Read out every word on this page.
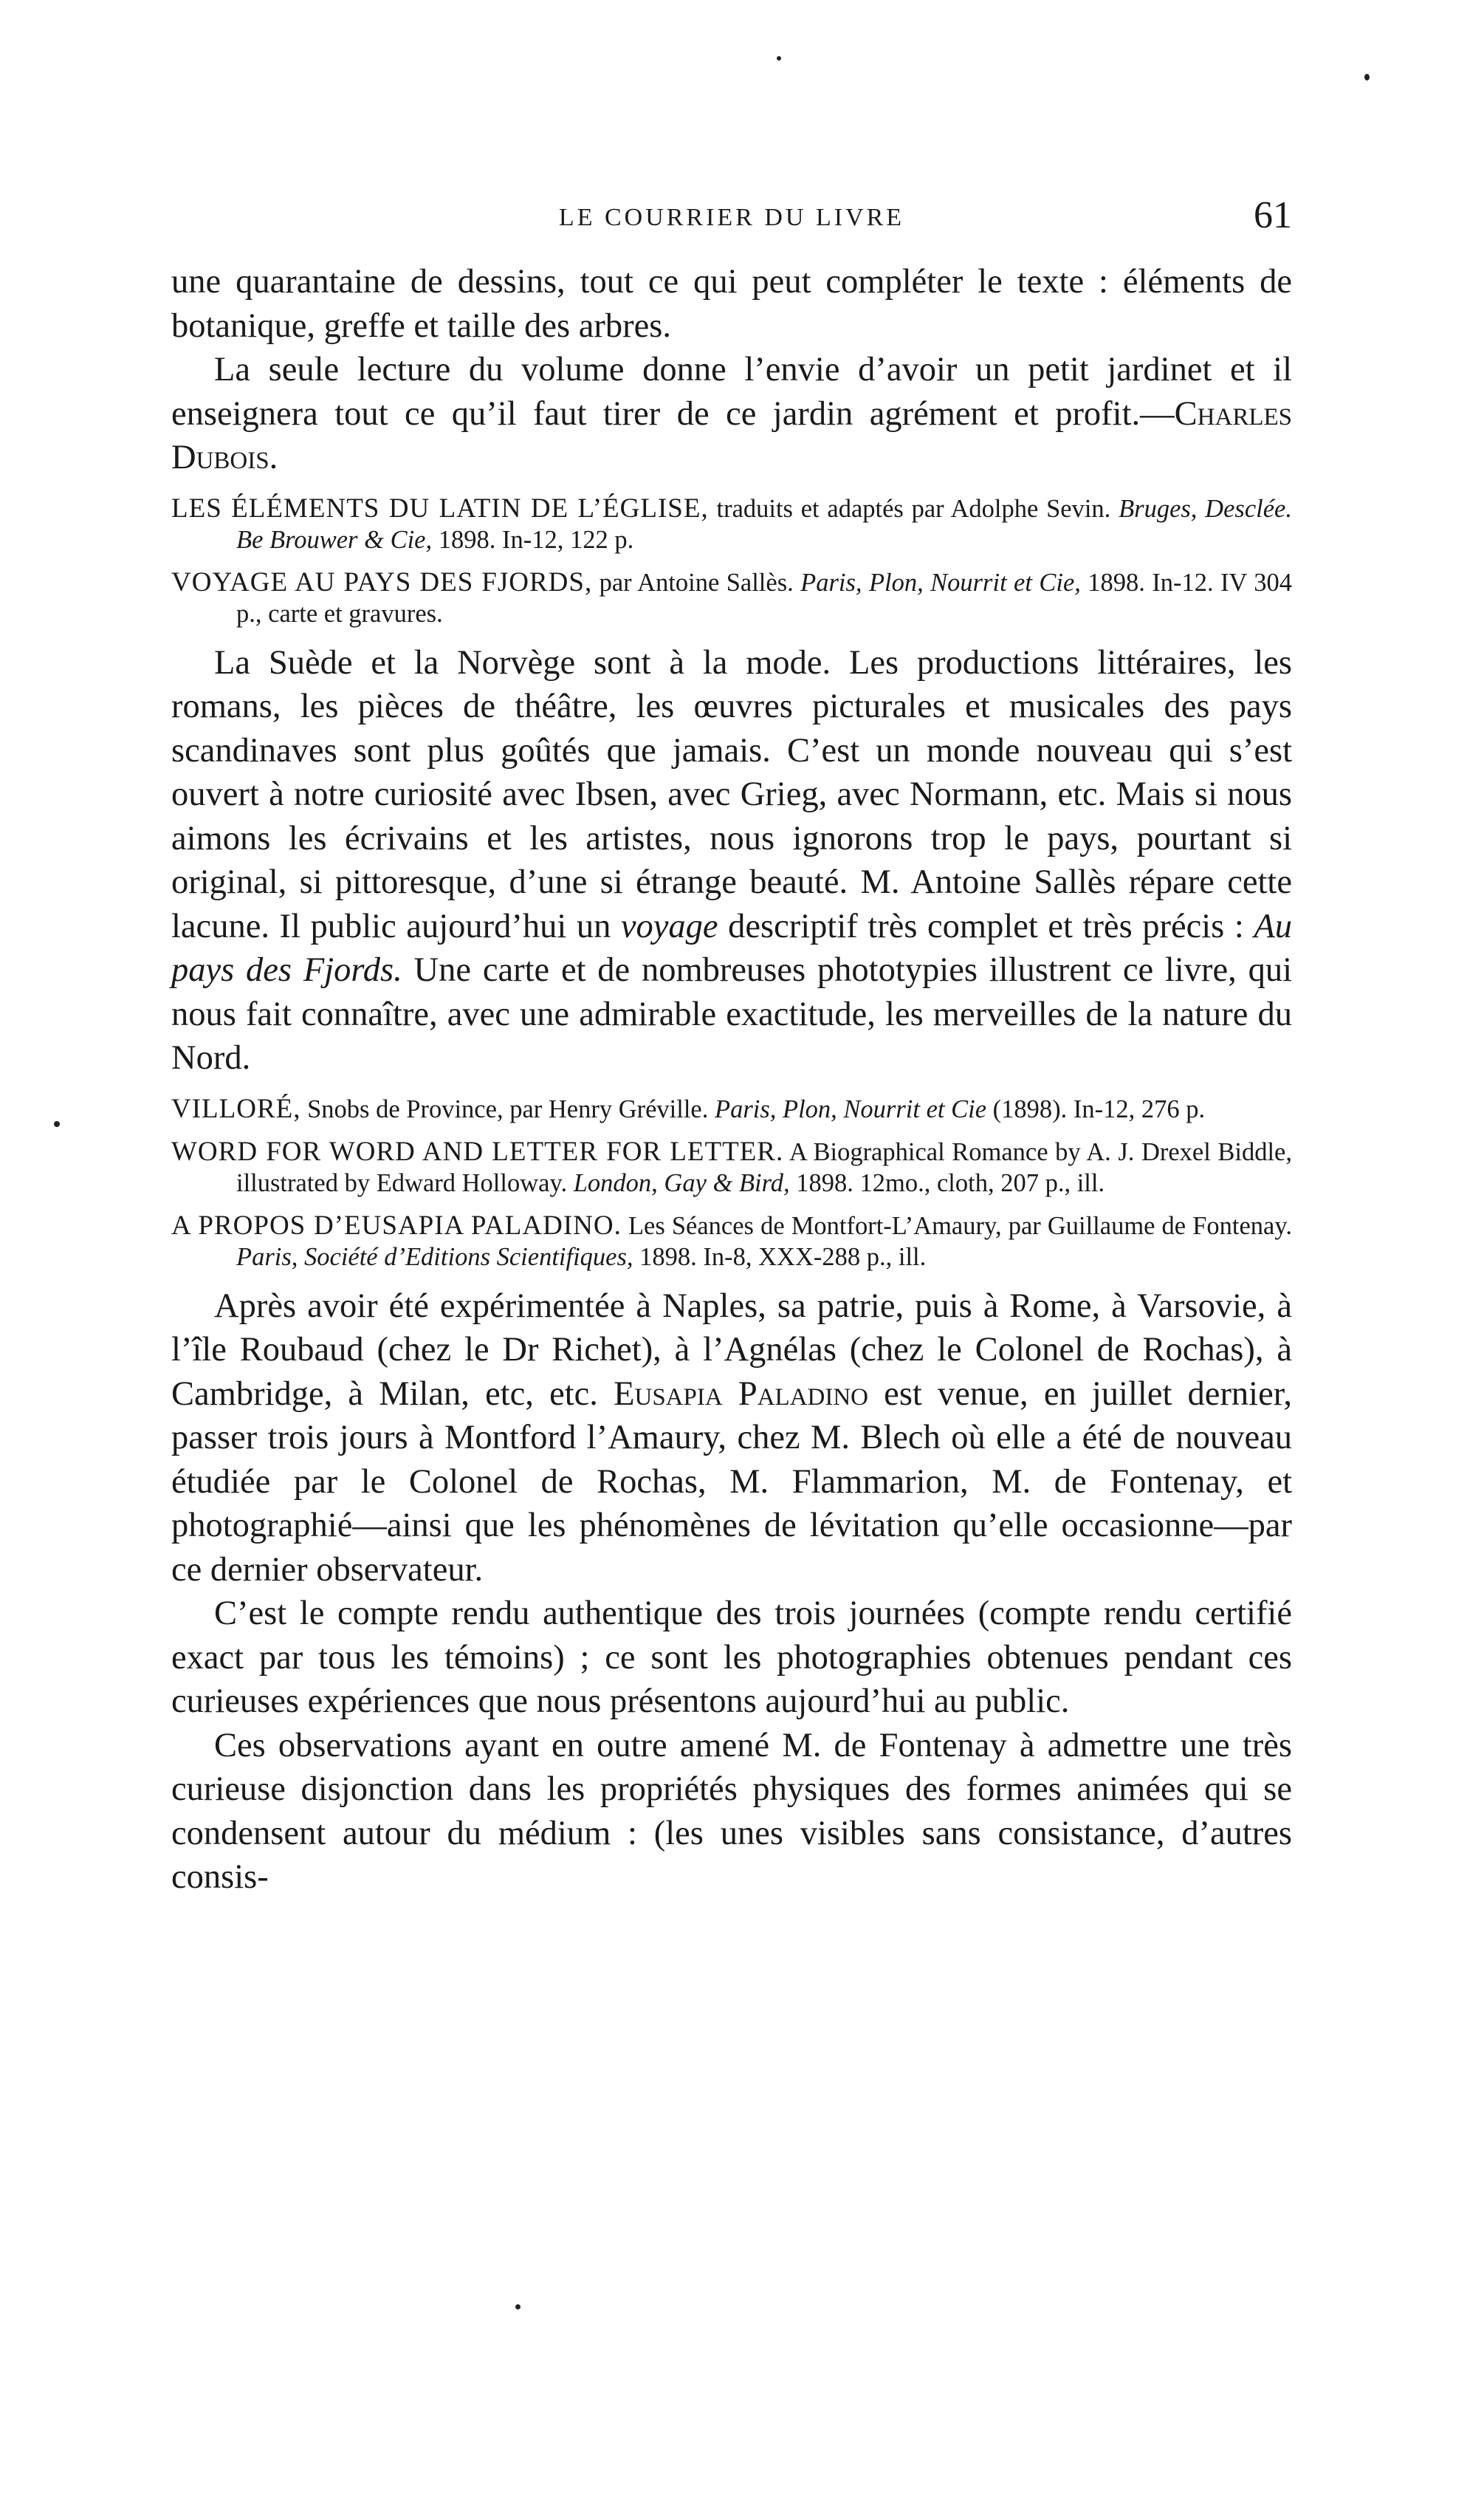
LE COURRIER DU LIVRE	61

une quarantaine de dessins, tout ce qui peut compléter le texte : éléments de botanique, greffe et taille des arbres.

La seule lecture du volume donne l’envie d’avoir un petit jardinet et il enseignera tout ce qu’il faut tirer de ce jardin agrément et profit.—Charles Dubois.

LES ÉLÉMENTS DU LATIN DE L’ÉGLISE, traduits et adaptés par Adolphe Sevin. Bruges, Desclée. Be Brouwer & Cie, 1898. In-12, 122 p.

VOYAGE AU PAYS DES FJORDS, par Antoine Sallès. Paris, Plon, Nourrit et Cie, 1898. In-12. IV 304 p., carte et gravures.

La Suède et la Norvège sont à la mode. Les productions littéraires, les romans, les pièces de théâtre, les œuvres picturales et musicales des pays scandinaves sont plus goûtés que jamais. C’est un monde nouveau qui s’est ouvert à notre curiosité avec Ibsen, avec Grieg, avec Normann, etc. Mais si nous aimons les écrivains et les artistes, nous ignorons trop le pays, pourtant si original, si pittoresque, d’une si étrange beauté. M. Antoine Sallès répare cette lacune. Il public aujourd’hui un voyage descriptif très complet et très précis : Au pays des Fjords. Une carte et de nombreuses phototypies illustrent ce livre, qui nous fait connaître, avec une admirable exactitude, les merveilles de la nature du Nord.

VILLORÉ, Snobs de Province, par Henry Gréville. Paris, Plon, Nourrit et Cie (1898). In-12, 276 p.

WORD FOR WORD AND LETTER FOR LETTER. A Biographical Romance by A. J. Drexel Biddle, illustrated by Edward Holloway. London, Gay & Bird, 1898. 12mo., cloth, 207 p., ill.

A PROPOS D’EUSAPIA PALADINO. Les Séances de Montfort-L’Amaury, par Guillaume de Fontenay. Paris, Société d’Editions Scientifiques, 1898. In-8, XXX-288 p., ill.

Après avoir été expérimentée à Naples, sa patrie, puis à Rome, à Varsovie, à l’île Roubaud (chez le Dr Richet), à l’Agnélas (chez le Colonel de Rochas), à Cambridge, à Milan, etc, etc. Eusapia Paladino est venue, en juillet dernier, passer trois jours à Montford l’Amaury, chez M. Blech où elle a été de nouveau étudiée par le Colonel de Rochas, M. Flammarion, M. de Fontenay, et photographié—ainsi que les phénomènes de lévitation qu’elle occasionne—par ce dernier observateur.

C’est le compte rendu authentique des trois journées (compte rendu certifié exact par tous les témoins) ; ce sont les photographies obtenues pendant ces curieuses expériences que nous présentons aujourd’hui au public.

Ces observations ayant en outre amené M. de Fontenay à admettre une très curieuse disjonction dans les propriétés physiques des formes animées qui se condensent autour du médium : (les unes visibles sans consistance, d’autres consis-
